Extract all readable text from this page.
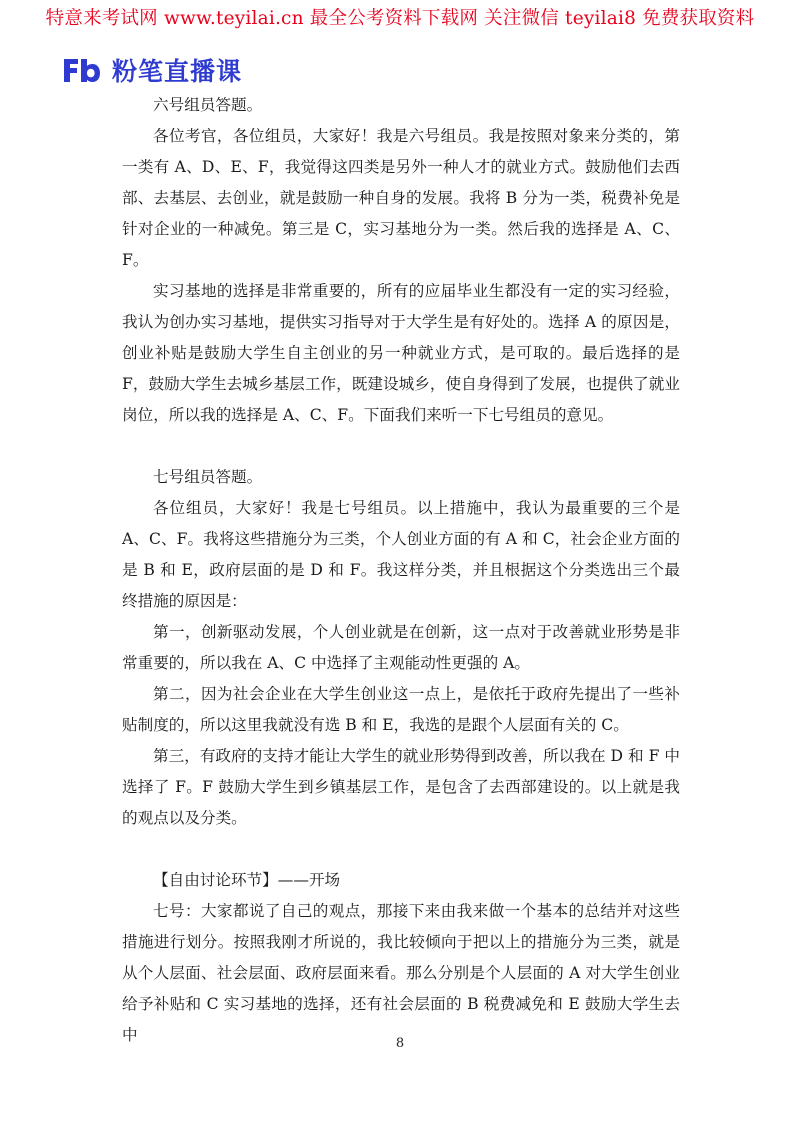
特意来考试网 www.teyilai.cn 最全公考资料下载网 关注微信 teyilai8 免费获取资料
粉笔直播课

六号组员答题。

各位考官，各位组员，大家好！我是六号组员。我是按照对象来分类的，第一类有 A、D、E、F，我觉得这四类是另外一种人才的就业方式。鼓励他们去西部、去基层、去创业，就是鼓励一种自身的发展。我将 B 分为一类，税费补免是针对企业的一种减免。第三是 C，实习基地分为一类。然后我的选择是 A、C、F。

实习基地的选择是非常重要的，所有的应届毕业生都没有一定的实习经验，我认为创办实习基地，提供实习指导对于大学生是有好处的。选择 A 的原因是，创业补贴是鼓励大学生自主创业的另一种就业方式，是可取的。最后选择的是 F，鼓励大学生去城乡基层工作，既建设城乡，使自身得到了发展，也提供了就业岗位，所以我的选择是 A、C、F。下面我们来听一下七号组员的意见。

七号组员答题。

各位组员，大家好！我是七号组员。以上措施中，我认为最重要的三个是 A、C、F。我将这些措施分为三类，个人创业方面的有 A 和 C，社会企业方面的是 B 和 E，政府层面的是 D 和 F。我这样分类，并且根据这个分类选出三个最终措施的原因是：

第一，创新驱动发展，个人创业就是在创新，这一点对于改善就业形势是非常重要的，所以我在 A、C 中选择了主观能动性更强的 A。

第二，因为社会企业在大学生创业这一点上，是依托于政府先提出了一些补贴制度的，所以这里我就没有选 B 和 E，我选的是跟个人层面有关的 C。

第三，有政府的支持才能让大学生的就业形势得到改善，所以我在 D 和 F 中选择了 F。F 鼓励大学生到乡镇基层工作，是包含了去西部建设的。以上就是我的观点以及分类。

【自由讨论环节】——开场

七号：大家都说了自己的观点，那接下来由我来做一个基本的总结并对这些措施进行划分。按照我刚才所说的，我比较倾向于把以上的措施分为三类，就是从个人层面、社会层面、政府层面来看。那么分别是个人层面的 A 对大学生创业给予补贴和 C 实习基地的选择，还有社会层面的 B 税费减免和 E 鼓励大学生去中	8
